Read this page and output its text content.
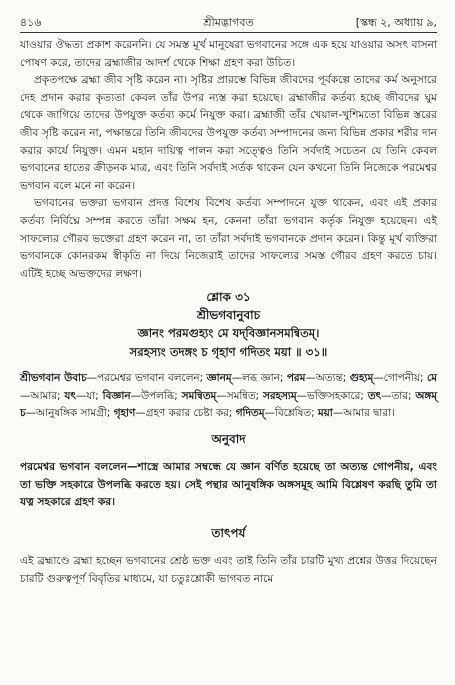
৪১৬	শ্রীমদ্ভাগবত	[স্কন্ধ ২, অধ্যায় ৯,

যাওয়ার ঔদ্ধত্য প্রকাশ করেননি। যে সমস্ত মূর্খ মানুষেরা ভগবানের সঙ্গে এক হয়ে যাওয়ার অসৎ বাসনা পোষণ করে, তাদের ব্রহ্মাজীর আদর্শ থেকে শিক্ষা গ্রহণ করা উচিত।

প্রকৃতপক্ষে ব্রহ্মা জীব সৃষ্টি করেন না। সৃষ্টির প্রারম্ভে বিভিন্ন জীবদের পূর্বকল্পে তাদের কর্ম অনুসারে দেহ প্রদান করার কৃত্যতা কেবল তাঁর উপর ন্যস্ত করা হয়েছে। ব্রহ্মাজীর কর্তব্য হচ্ছে জীবদের ঘুম থেকে জাগিয়ে তাদের উপযুক্ত কর্তব্য কর্মে নিযুক্ত করা। ব্রহ্মাজী তাঁর খেয়াল-খুশিমতো বিভিন্ন স্তরের জীব সৃষ্টি করেন না, পক্ষান্তরে তিনি জীবদের উপযুক্ত কর্তব্য সম্পাদনের জন্য বিভিন্ন প্রকার শরীর দান করার কার্যে নিযুক্ত। এমন মহান দায়িত্ব পালন করা সত্ত্বেও তিনি সর্বদাই সচেতন যে তিনি কেবল ভগবানের হাতের ক্রীড়নক মাত্র, এবং তিনি সর্বদাই সর্তক থাকেন যেন কখনো তিনি নিজেকে পরমেশ্বর ভগবান বলে মনে না করেন।

ভগবানের ভক্তরা ভগবান প্রদত্ত বিশেষ বিশেষ কর্তব্য সম্পাদনে যুক্ত থাকেন, এবং এই প্রকার কর্তব্য নির্বিঘ্নে সম্পন্ন করতে তাঁরা সক্ষম হন, কেননা তাঁরা ভগবান কর্তৃক নিযুক্ত হয়েছেন। এই সাফল্যের গৌরব ভক্তেরা গ্রহণ করেন না, তা তাঁরা সর্বদাই ভগবানকে প্রদান করেন। কিন্তু মূর্খ ব্যক্তিরা ভগবানকে কোনরকম স্বীকৃতি না দিয়ে নিজেরাই তাদের সাফল্যের সমস্ত গৌরব গ্রহণ করতে চায়। এটিই হচ্ছে অভক্তদের লক্ষণ।

শ্লোক ৩১
শ্রীভগবানুবাচ
জ্ঞানং পরমগুহ্যং মে যদ্‌বিজ্ঞানসমন্বিতম্‌।
সরহস্যং তদঙ্গং চ গৃহাণ গদিতং ময়া ॥ ৩১॥
শ্রীভগবান উবাচ—পরমেশ্বর ভগবান বললেন; জ্ঞানম্‌—লব্ধ জ্ঞান; পরম—অত্যন্ত; গুহ্যম্‌—গোপনীয়; মে—আমার; যৎ—যা; বিজ্ঞান—উপলব্ধি; সমন্বিতম্‌—সমন্বিত; সরহস্যম্‌—ভক্তিসহকারে; তৎ—তার; অঙ্গম্‌ চ—আনুষঙ্গিক সামগ্রী; গৃহাণ—গ্রহণ করার চেষ্টা কর; গদিতম্‌—বিশ্লেষিত; ময়া—আমার দ্বারা।
অনুবাদ

পরমেশ্বর ভগবান বললেন—শাস্ত্রে আমার সম্বন্ধে যে জ্ঞান বর্ণিত হয়েছে তা অত্যন্ত গোপনীয়, এবং তা ভক্তি সহকারে উপলব্ধি করতে হয়। সেই পন্থার আনুষঙ্গিক অঙ্গসমূহ আমি বিশ্লেষণ করছি তুমি তা যত্ন সহকারে গ্রহণ কর।

তাৎপর্য

এই ব্রহ্মাণ্ডে ব্রহ্মা হচ্ছেন ভগবানের শ্রেষ্ঠ ভক্ত এবং তাই তিনি তাঁর চারটি মুখ্য প্রশ্নের উত্তর দিয়েছেন চারটি গুরুত্বপূর্ণ বিবৃতির মাধ্যমে, যা চতুঃশ্লোকী ভাগবত নামে
